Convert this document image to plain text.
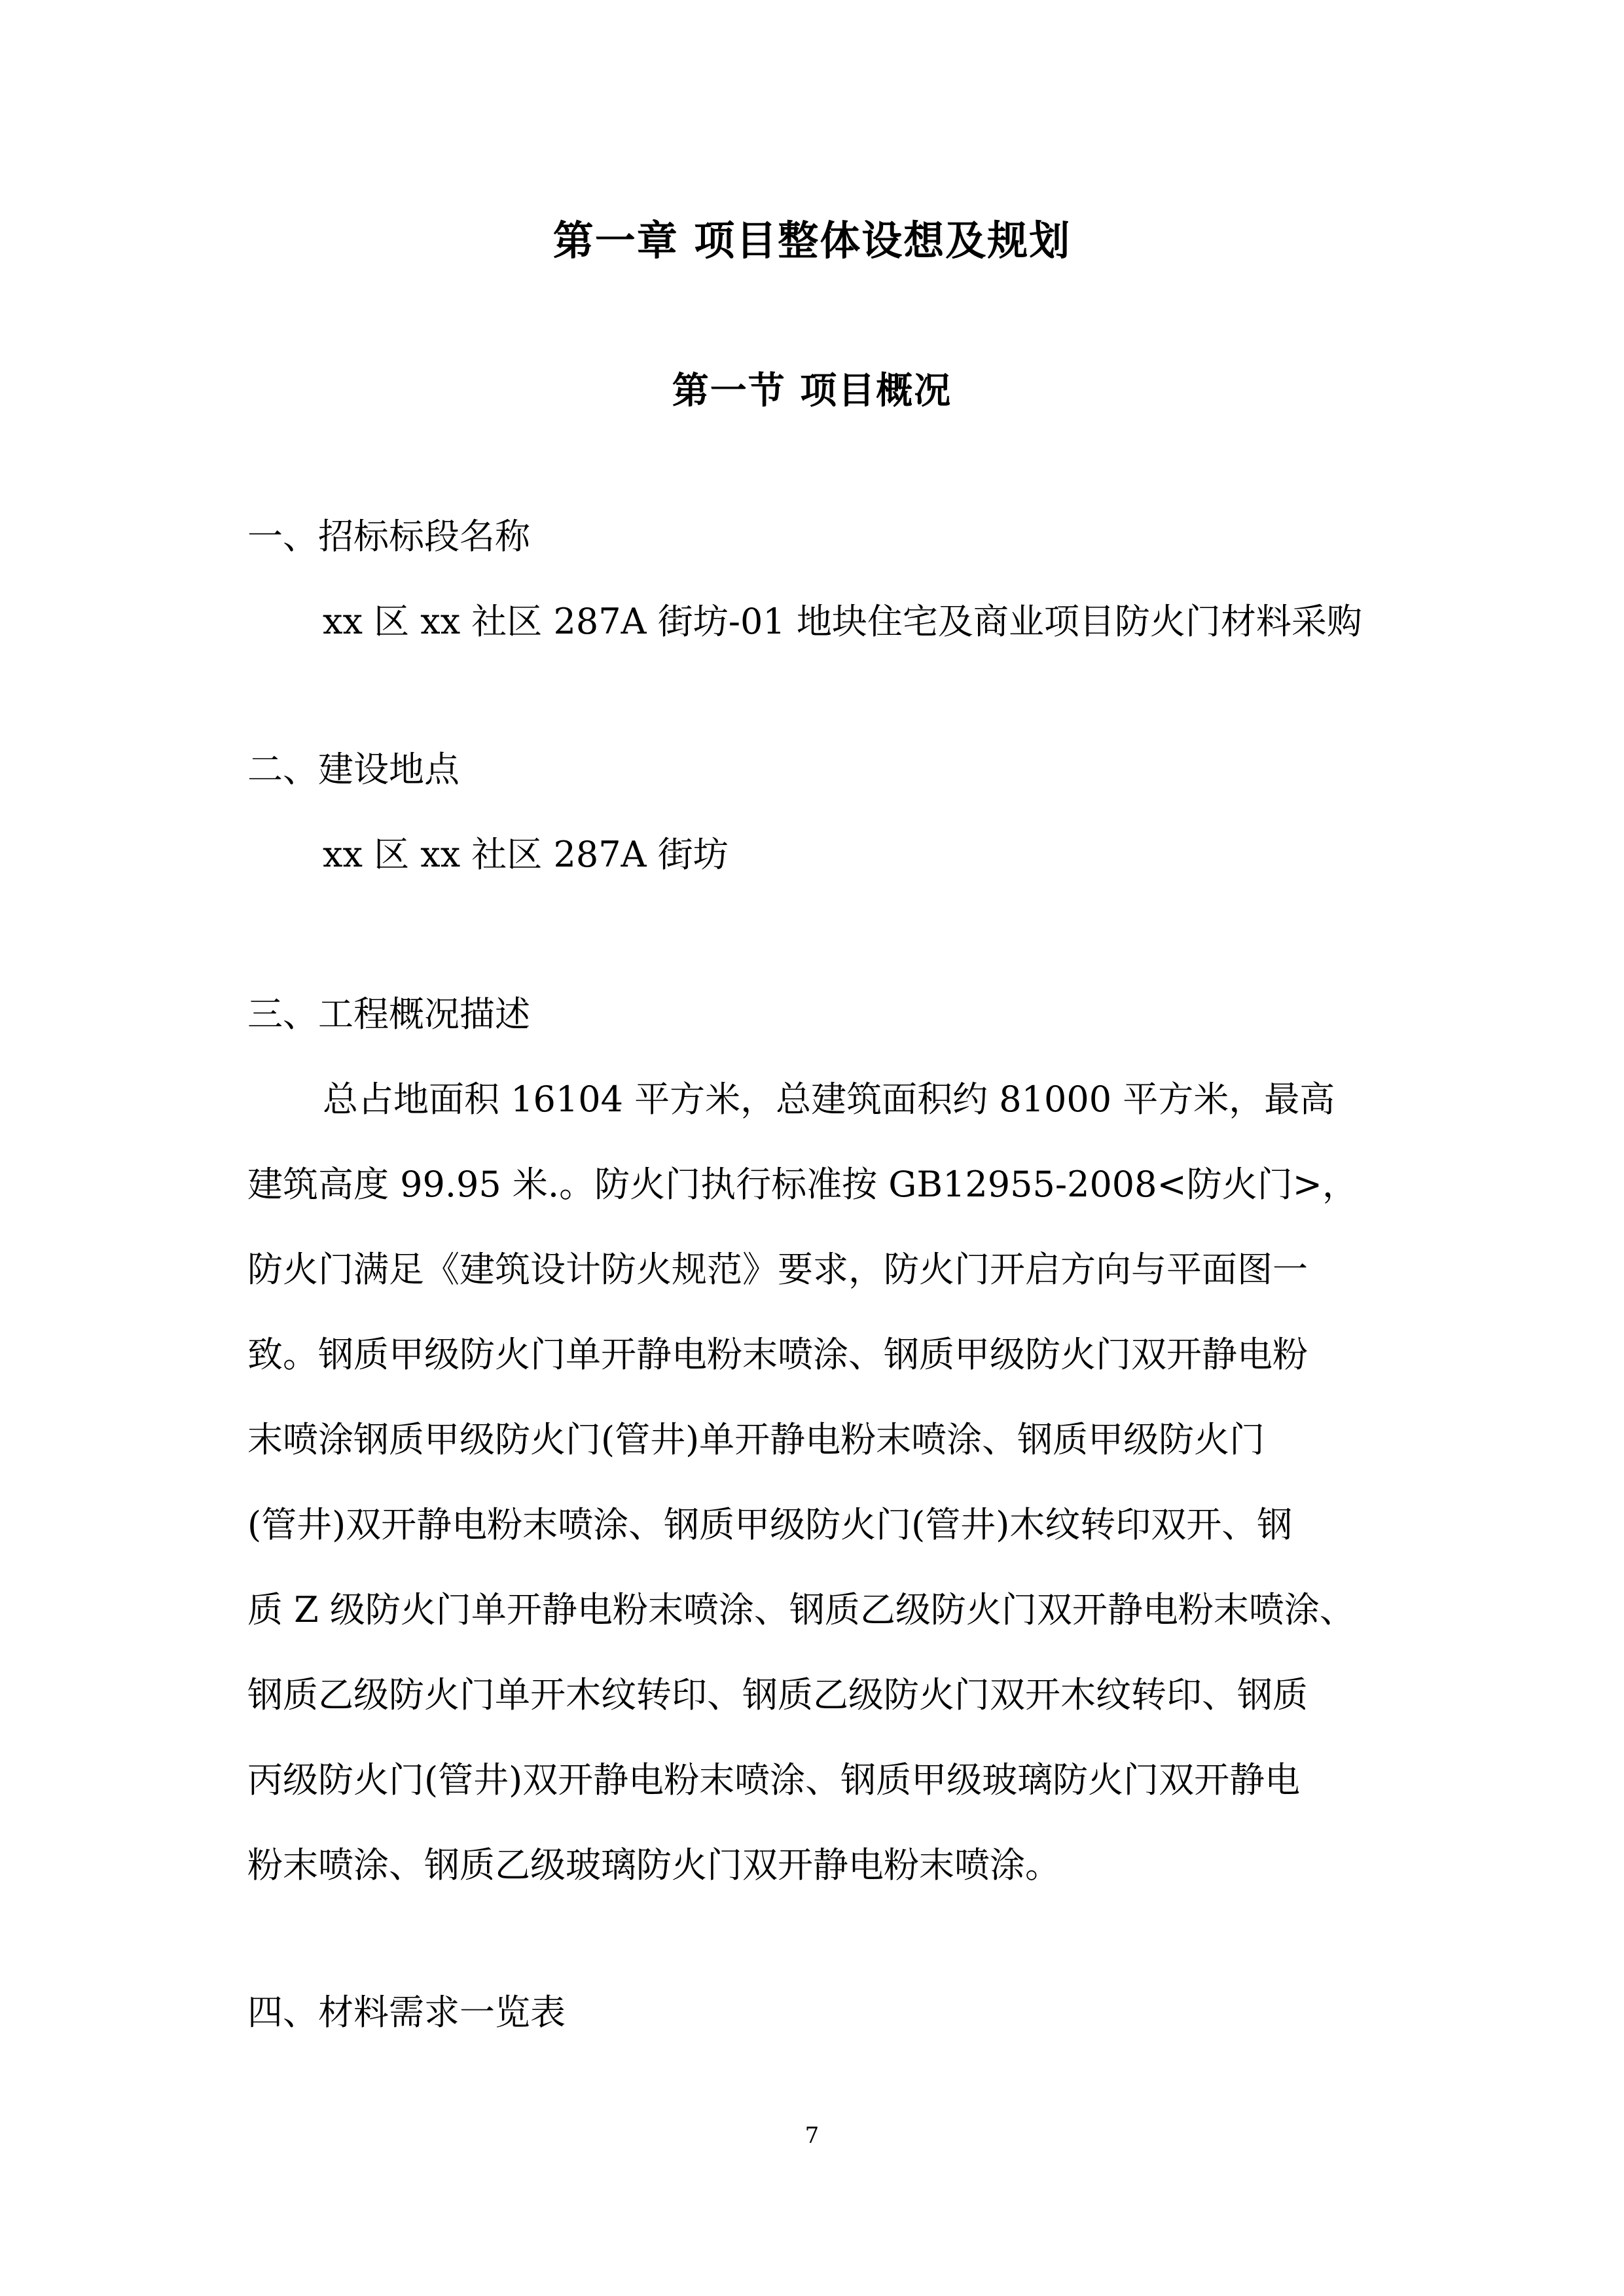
第一章 项目整体设想及规划
第一节 项目概况
一、招标标段名称
xx 区 xx 社区 287A 街坊-01 地块住宅及商业项目防火门材料采购
二、建设地点
xx 区 xx 社区 287A 街坊
三、工程概况描述
总占地面积 16104 平方米，总建筑面积约 81000 平方米，最高
建筑高度 99.95 米.。防火门执行标准按 GB12955-2008<防火门>，
防火门满足《建筑设计防火规范》要求，防火门开启方向与平面图一
致。钢质甲级防火门单开静电粉末喷涂、钢质甲级防火门双开静电粉
末喷涂钢质甲级防火门(管井)单开静电粉末喷涂、钢质甲级防火门
(管井)双开静电粉末喷涂、钢质甲级防火门(管井)木纹转印双开、钢
质 Z 级防火门单开静电粉末喷涂、钢质乙级防火门双开静电粉末喷涂、
钢质乙级防火门单开木纹转印、钢质乙级防火门双开木纹转印、钢质
丙级防火门(管井)双开静电粉末喷涂、钢质甲级玻璃防火门双开静电
粉末喷涂、钢质乙级玻璃防火门双开静电粉末喷涂。
四、材料需求一览表
7
